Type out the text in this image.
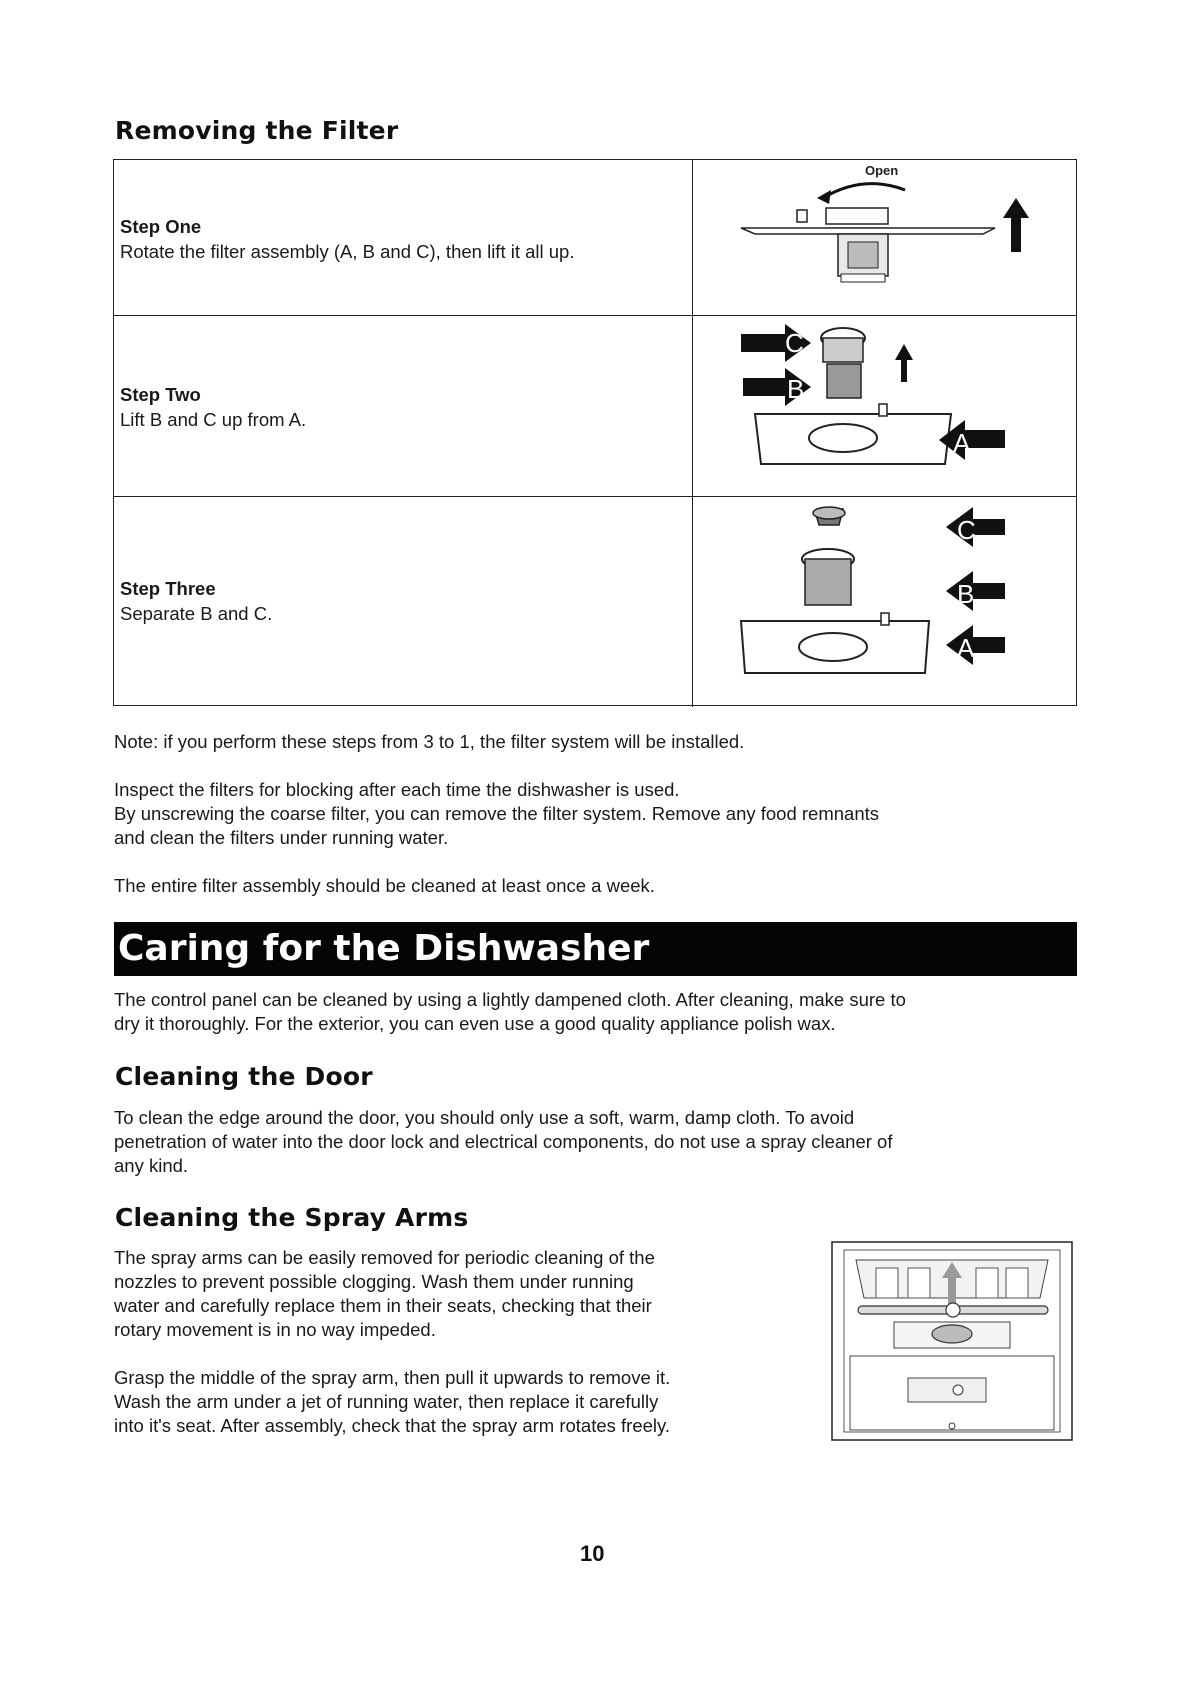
Removing the Filter
Step One
Rotate the filter assembly (A, B and C), then lift it all up.
Open
Step Two
Lift B and C up from A.
C
B
A
Step Three
Separate B and C.
C
B
A

Note: if you perform these steps from 3 to 1, the filter system will be installed.

Inspect the filters for blocking after each time the dishwasher is used.

By unscrewing the coarse filter, you can remove the filter system. Remove any food remnants

and clean the filters under running water.

The entire filter assembly should be cleaned at least once a week.

Caring for the Dishwasher

The control panel can be cleaned by using a lightly dampened cloth. After cleaning, make sure to

dry it thoroughly. For the exterior, you can even use a good quality appliance polish wax.

Cleaning the Door

To clean the edge around the door, you should only use a soft, warm, damp cloth. To avoid

penetration of water into the door lock and electrical components, do not use a spray cleaner of

any kind.

Cleaning the Spray Arms

The spray arms can be easily removed for periodic cleaning of the

nozzles to prevent possible clogging. Wash them under running

water and carefully replace them in their seats, checking that their

rotary movement is in no way impeded.

Grasp the middle of the spray arm, then pull it upwards to remove it.

Wash the arm under a jet of running water, then replace it carefully

into it's seat. After assembly, check that the spray arm rotates freely.

10
